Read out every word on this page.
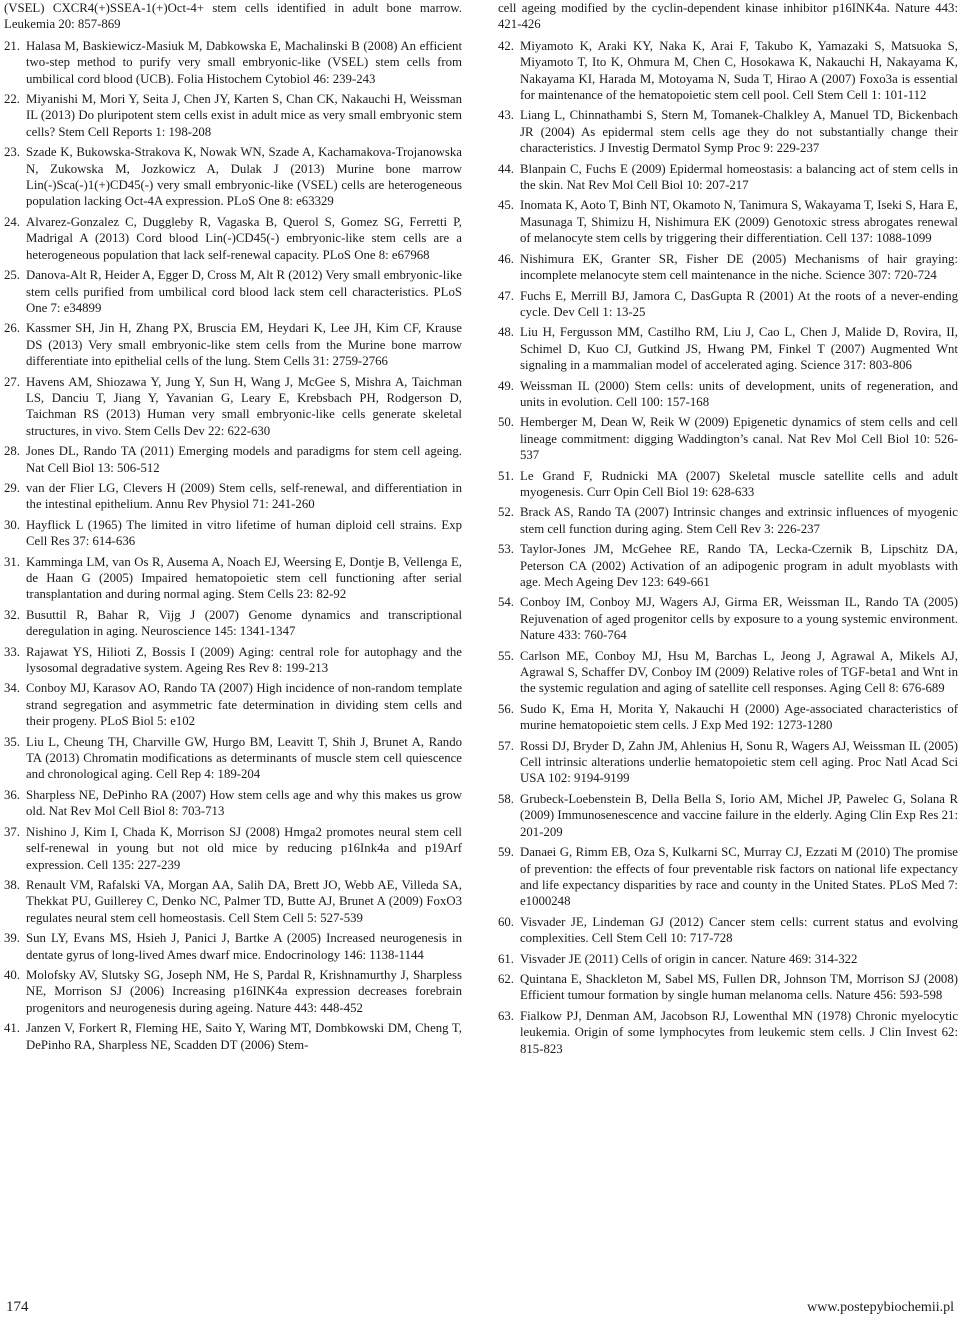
(VSEL) CXCR4(+)SSEA-1(+)Oct-4+ stem cells identified in adult bone marrow. Leukemia 20: 857-869
21. Halasa M, Baskiewicz-Masiuk M, Dabkowska E, Machalinski B (2008) An efficient two-step method to purify very small embryonic-like (VSEL) stem cells from umbilical cord blood (UCB). Folia Histochem Cytobiol 46: 239-243
22. Miyanishi M, Mori Y, Seita J, Chen JY, Karten S, Chan CK, Nakauchi H, Weissman IL (2013) Do pluripotent stem cells exist in adult mice as very small embryonic stem cells? Stem Cell Reports 1: 198-208
23. Szade K, Bukowska-Strakova K, Nowak WN, Szade A, Kachamakova-Trojanowska N, Zukowska M, Jozkowicz A, Dulak J (2013) Murine bone marrow Lin(-)Sca(-)1(+)CD45(-) very small embryonic-like (VSEL) cells are heterogeneous population lacking Oct-4A expression. PLoS One 8: e63329
24. Alvarez-Gonzalez C, Duggleby R, Vagaska B, Querol S, Gomez SG, Ferretti P, Madrigal A (2013) Cord blood Lin(-)CD45(-) embryonic-like stem cells are a heterogeneous population that lack self-renewal capacity. PLoS One 8: e67968
25. Danova-Alt R, Heider A, Egger D, Cross M, Alt R (2012) Very small embryonic-like stem cells purified from umbilical cord blood lack stem cell characteristics. PLoS One 7: e34899
26. Kassmer SH, Jin H, Zhang PX, Bruscia EM, Heydari K, Lee JH, Kim CF, Krause DS (2013) Very small embryonic-like stem cells from the Murine bone marrow differentiate into epithelial cells of the lung. Stem Cells 31: 2759-2766
27. Havens AM, Shiozawa Y, Jung Y, Sun H, Wang J, McGee S, Mishra A, Taichman LS, Danciu T, Jiang Y, Yavanian G, Leary E, Krebsbach PH, Rodgerson D, Taichman RS (2013) Human very small embryonic-like cells generate skeletal structures, in vivo. Stem Cells Dev 22: 622-630
28. Jones DL, Rando TA (2011) Emerging models and paradigms for stem cell ageing. Nat Cell Biol 13: 506-512
29. van der Flier LG, Clevers H (2009) Stem cells, self-renewal, and differentiation in the intestinal epithelium. Annu Rev Physiol 71: 241-260
30. Hayflick L (1965) The limited in vitro lifetime of human diploid cell strains. Exp Cell Res 37: 614-636
31. Kamminga LM, van Os R, Ausema A, Noach EJ, Weersing E, Dontje B, Vellenga E, de Haan G (2005) Impaired hematopoietic stem cell functioning after serial transplantation and during normal aging. Stem Cells 23: 82-92
32. Busuttil R, Bahar R, Vijg J (2007) Genome dynamics and transcriptional deregulation in aging. Neuroscience 145: 1341-1347
33. Rajawat YS, Hilioti Z, Bossis I (2009) Aging: central role for autophagy and the lysosomal degradative system. Ageing Res Rev 8: 199-213
34. Conboy MJ, Karasov AO, Rando TA (2007) High incidence of non-random template strand segregation and asymmetric fate determination in dividing stem cells and their progeny. PLoS Biol 5: e102
35. Liu L, Cheung TH, Charville GW, Hurgo BM, Leavitt T, Shih J, Brunet A, Rando TA (2013) Chromatin modifications as determinants of muscle stem cell quiescence and chronological aging. Cell Rep 4: 189-204
36. Sharpless NE, DePinho RA (2007) How stem cells age and why this makes us grow old. Nat Rev Mol Cell Biol 8: 703-713
37. Nishino J, Kim I, Chada K, Morrison SJ (2008) Hmga2 promotes neural stem cell self-renewal in young but not old mice by reducing p16Ink4a and p19Arf expression. Cell 135: 227-239
38. Renault VM, Rafalski VA, Morgan AA, Salih DA, Brett JO, Webb AE, Villeda SA, Thekkat PU, Guillerey C, Denko NC, Palmer TD, Butte AJ, Brunet A (2009) FoxO3 regulates neural stem cell homeostasis. Cell Stem Cell 5: 527-539
39. Sun LY, Evans MS, Hsieh J, Panici J, Bartke A (2005) Increased neurogenesis in dentate gyrus of long-lived Ames dwarf mice. Endocrinology 146: 1138-1144
40. Molofsky AV, Slutsky SG, Joseph NM, He S, Pardal R, Krishnamurthy J, Sharpless NE, Morrison SJ (2006) Increasing p16INK4a expression decreases forebrain progenitors and neurogenesis during ageing. Nature 443: 448-452
41. Janzen V, Forkert R, Fleming HE, Saito Y, Waring MT, Dombkowski DM, Cheng T, DePinho RA, Sharpless NE, Scadden DT (2006) Stem-
cell ageing modified by the cyclin-dependent kinase inhibitor p16INK4a. Nature 443: 421-426
42. Miyamoto K, Araki KY, Naka K, Arai F, Takubo K, Yamazaki S, Matsuoka S, Miyamoto T, Ito K, Ohmura M, Chen C, Hosokawa K, Nakauchi H, Nakayama K, Nakayama KI, Harada M, Motoyama N, Suda T, Hirao A (2007) Foxo3a is essential for maintenance of the hematopoietic stem cell pool. Cell Stem Cell 1: 101-112
43. Liang L, Chinnathambi S, Stern M, Tomanek-Chalkley A, Manuel TD, Bickenbach JR (2004) As epidermal stem cells age they do not substantially change their characteristics. J Investig Dermatol Symp Proc 9: 229-237
44. Blanpain C, Fuchs E (2009) Epidermal homeostasis: a balancing act of stem cells in the skin. Nat Rev Mol Cell Biol 10: 207-217
45. Inomata K, Aoto T, Binh NT, Okamoto N, Tanimura S, Wakayama T, Iseki S, Hara E, Masunaga T, Shimizu H, Nishimura EK (2009) Genotoxic stress abrogates renewal of melanocyte stem cells by triggering their differentiation. Cell 137: 1088-1099
46. Nishimura EK, Granter SR, Fisher DE (2005) Mechanisms of hair graying: incomplete melanocyte stem cell maintenance in the niche. Science 307: 720-724
47. Fuchs E, Merrill BJ, Jamora C, DasGupta R (2001) At the roots of a never-ending cycle. Dev Cell 1: 13-25
48. Liu H, Fergusson MM, Castilho RM, Liu J, Cao L, Chen J, Malide D, Rovira, II, Schimel D, Kuo CJ, Gutkind JS, Hwang PM, Finkel T (2007) Augmented Wnt signaling in a mammalian model of accelerated aging. Science 317: 803-806
49. Weissman IL (2000) Stem cells: units of development, units of regeneration, and units in evolution. Cell 100: 157-168
50. Hemberger M, Dean W, Reik W (2009) Epigenetic dynamics of stem cells and cell lineage commitment: digging Waddington’s canal. Nat Rev Mol Cell Biol 10: 526-537
51. Le Grand F, Rudnicki MA (2007) Skeletal muscle satellite cells and adult myogenesis. Curr Opin Cell Biol 19: 628-633
52. Brack AS, Rando TA (2007) Intrinsic changes and extrinsic influences of myogenic stem cell function during aging. Stem Cell Rev 3: 226-237
53. Taylor-Jones JM, McGehee RE, Rando TA, Lecka-Czernik B, Lipschitz DA, Peterson CA (2002) Activation of an adipogenic program in adult myoblasts with age. Mech Ageing Dev 123: 649-661
54. Conboy IM, Conboy MJ, Wagers AJ, Girma ER, Weissman IL, Rando TA (2005) Rejuvenation of aged progenitor cells by exposure to a young systemic environment. Nature 433: 760-764
55. Carlson ME, Conboy MJ, Hsu M, Barchas L, Jeong J, Agrawal A, Mikels AJ, Agrawal S, Schaffer DV, Conboy IM (2009) Relative roles of TGF-beta1 and Wnt in the systemic regulation and aging of satellite cell responses. Aging Cell 8: 676-689
56. Sudo K, Ema H, Morita Y, Nakauchi H (2000) Age-associated characteristics of murine hematopoietic stem cells. J Exp Med 192: 1273-1280
57. Rossi DJ, Bryder D, Zahn JM, Ahlenius H, Sonu R, Wagers AJ, Weissman IL (2005) Cell intrinsic alterations underlie hematopoietic stem cell aging. Proc Natl Acad Sci USA 102: 9194-9199
58. Grubeck-Loebenstein B, Della Bella S, Iorio AM, Michel JP, Pawelec G, Solana R (2009) Immunosenescence and vaccine failure in the elderly. Aging Clin Exp Res 21: 201-209
59. Danaei G, Rimm EB, Oza S, Kulkarni SC, Murray CJ, Ezzati M (2010) The promise of prevention: the effects of four preventable risk factors on national life expectancy and life expectancy disparities by race and county in the United States. PLoS Med 7: e1000248
60. Visvader JE, Lindeman GJ (2012) Cancer stem cells: current status and evolving complexities. Cell Stem Cell 10: 717-728
61. Visvader JE (2011) Cells of origin in cancer. Nature 469: 314-322
62. Quintana E, Shackleton M, Sabel MS, Fullen DR, Johnson TM, Morrison SJ (2008) Efficient tumour formation by single human melanoma cells. Nature 456: 593-598
63. Fialkow PJ, Denman AM, Jacobson RJ, Lowenthal MN (1978) Chronic myelocytic leukemia. Origin of some lymphocytes from leukemic stem cells. J Clin Invest 62: 815-823
174	www.postepybiochemii.pl
